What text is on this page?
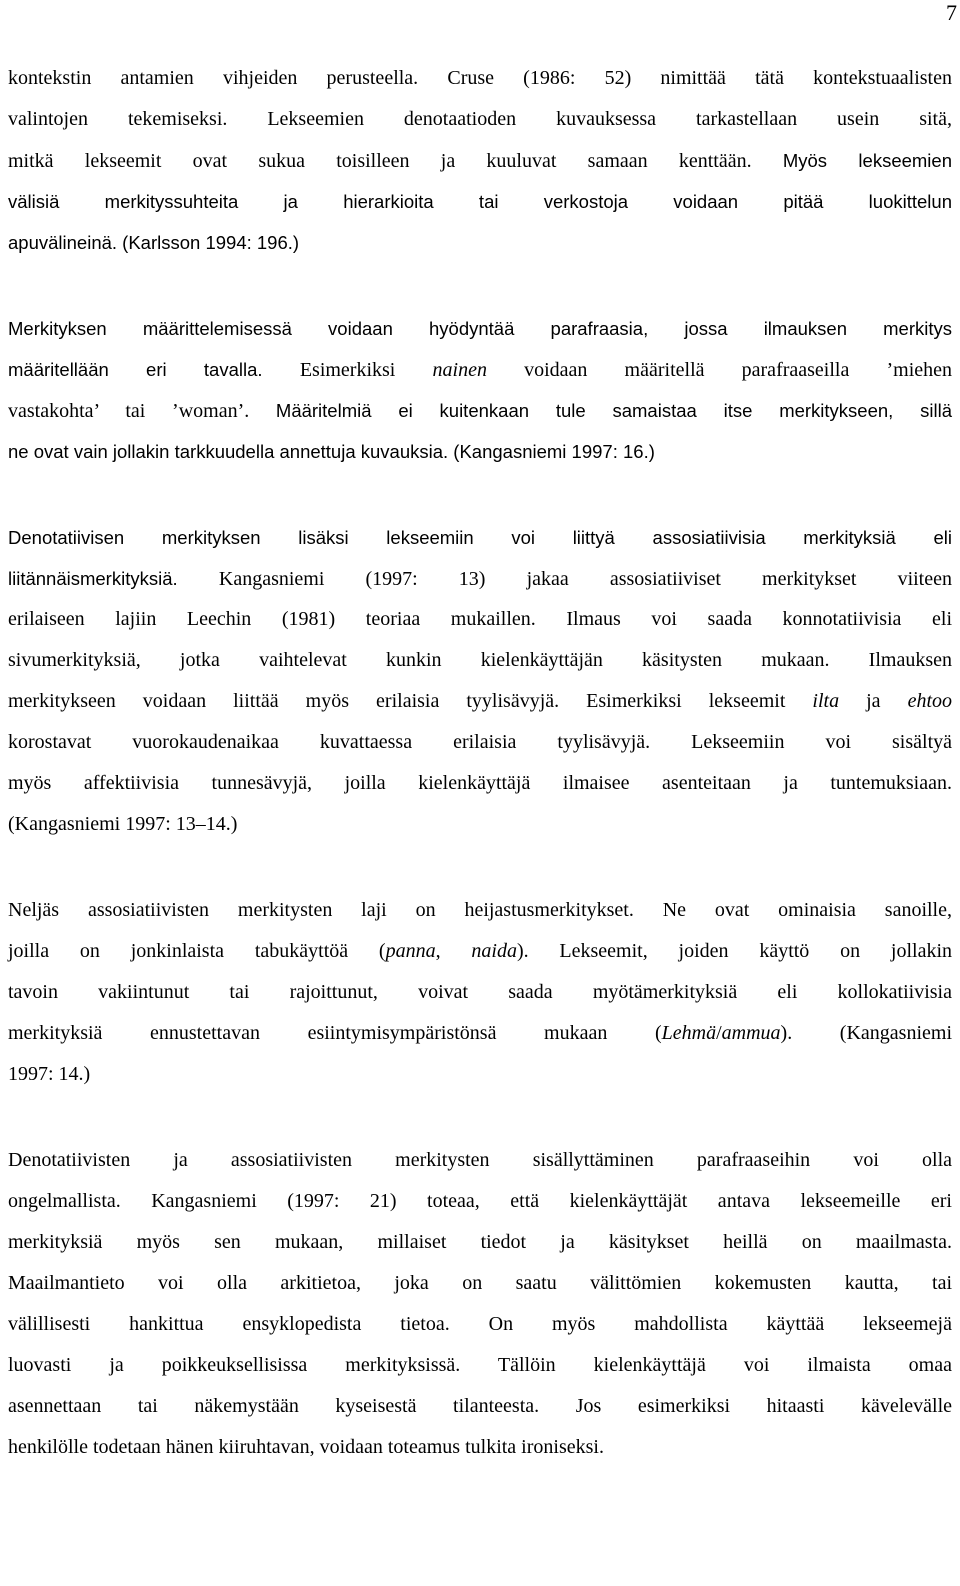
7
kontekstin antamien vihjeiden perusteella. Cruse (1986: 52) nimittää tätä kontekstuaalisten
valintojen tekemiseksi. Lekseemien denotaatioden kuvauksessa tarkastellaan usein sitä,
mitkä lekseemit ovat sukua toisilleen ja kuuluvat samaan kenttään. Myös lekseemien
välisiä merkityssuhteita ja hierarkioita tai verkostoja voidaan pitää luokittelun
apuvälineinä. (Karlsson 1994: 196.)
Merkityksen määrittelemisessä voidaan hyödyntää parafraasia, jossa ilmauksen merkitys
määritellään eri tavalla. Esimerkiksi nainen voidaan määritellä parafraaseilla ’miehen
vastakohta’ tai ’woman’. Määritelmiä ei kuitenkaan tule samaistaa itse merkitykseen, sillä
ne ovat vain jollakin tarkkuudella annettuja kuvauksia. (Kangasniemi 1997: 16.)
Denotatiivisen merkityksen lisäksi lekseemiin voi liittyä assosiatiivisia merkityksiä eli
liitännäismerkityksiä. Kangasniemi (1997: 13) jakaa assosiatiiviset merkitykset viiteen
erilaiseen lajiin Leechin (1981) teoriaa mukaillen. Ilmaus voi saada konnotatiivisia eli
sivumerkityksiä, jotka vaihtelevat kunkin kielenkäyttäjän käsitysten mukaan. Ilmauksen
merkitykseen voidaan liittää myös erilaisia tyylisävyjä. Esimerkiksi lekseemit ilta ja ehtoo
korostavat vuorokaudenaikaa kuvattaessa erilaisia tyylisävyjä. Lekseemiin voi sisältyä
myös affektiivisia tunnesävyjä, joilla kielenkäyttäjä ilmaisee asenteitaan ja tuntemuksiaan.
(Kangasniemi 1997: 13–14.)
Neljäs assosiatiivisten merkitysten laji on heijastusmerkitykset. Ne ovat ominaisia sanoille,
joilla on jonkinlaista tabukäyttöä (panna, naida). Lekseemit, joiden käyttö on jollakin
tavoin vakiintunut tai rajoittunut, voivat saada myötämerkityksiä eli kollokatiivisia
merkityksiä ennustettavan esiintymisympäristönsä mukaan (Lehmä/ammua). (Kangasniemi
1997: 14.)
Denotatiivisten ja assosiatiivisten merkitysten sisällyttäminen parafraaseihin voi olla
ongelmallista. Kangasniemi (1997: 21) toteaa, että kielenkäyttäjät antava lekseemeille eri
merkityksiä myös sen mukaan, millaiset tiedot ja käsitykset heillä on maailmasta.
Maailmantieto voi olla arkitietoa, joka on saatu välittömien kokemusten kautta, tai
välillisesti hankittua ensyklopedista tietoa. On myös mahdollista käyttää lekseemejä
luovasti ja poikkeuksellisissa merkityksissä. Tällöin kielenkäyttäjä voi ilmaista omaa
asennettaan tai näkemystään kyseisestä tilanteesta. Jos esimerkiksi hitaasti kävelevälle
henkilölle todetaan hänen kiiruhtavan, voidaan toteamus tulkita ironiseksi.
